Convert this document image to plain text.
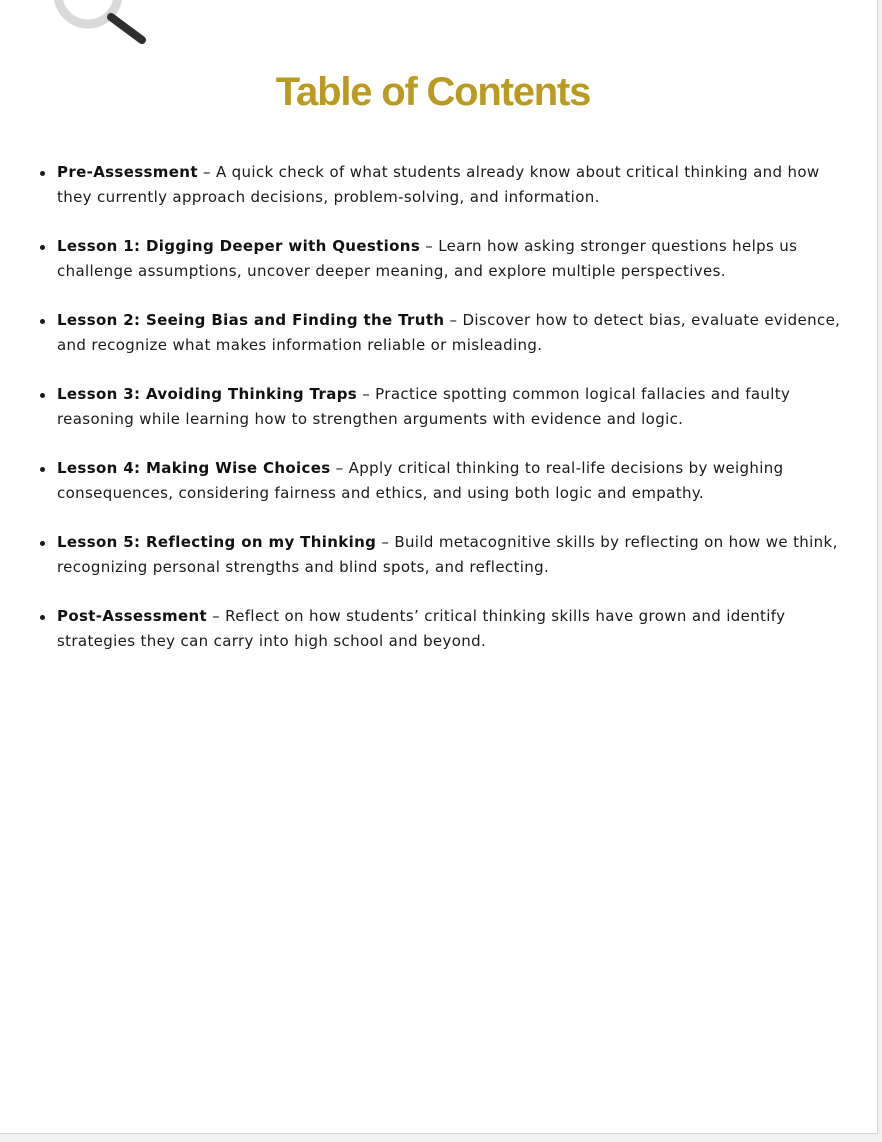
Table of Contents
Pre-Assessment – A quick check of what students already know about critical thinking and how they currently approach decisions, problem-solving, and information.
Lesson 1: Digging Deeper with Questions – Learn how asking stronger questions helps us challenge assumptions, uncover deeper meaning, and explore multiple perspectives.
Lesson 2: Seeing Bias and Finding the Truth – Discover how to detect bias, evaluate evidence, and recognize what makes information reliable or misleading.
Lesson 3: Avoiding Thinking Traps – Practice spotting common logical fallacies and faulty reasoning while learning how to strengthen arguments with evidence and logic.
Lesson 4: Making Wise Choices – Apply critical thinking to real-life decisions by weighing consequences, considering fairness and ethics, and using both logic and empathy.
Lesson 5: Reflecting on my Thinking – Build metacognitive skills by reflecting on how we think, recognizing personal strengths and blind spots, and reflecting.
Post-Assessment – Reflect on how students’ critical thinking skills have grown and identify strategies they can carry into high school and beyond.
